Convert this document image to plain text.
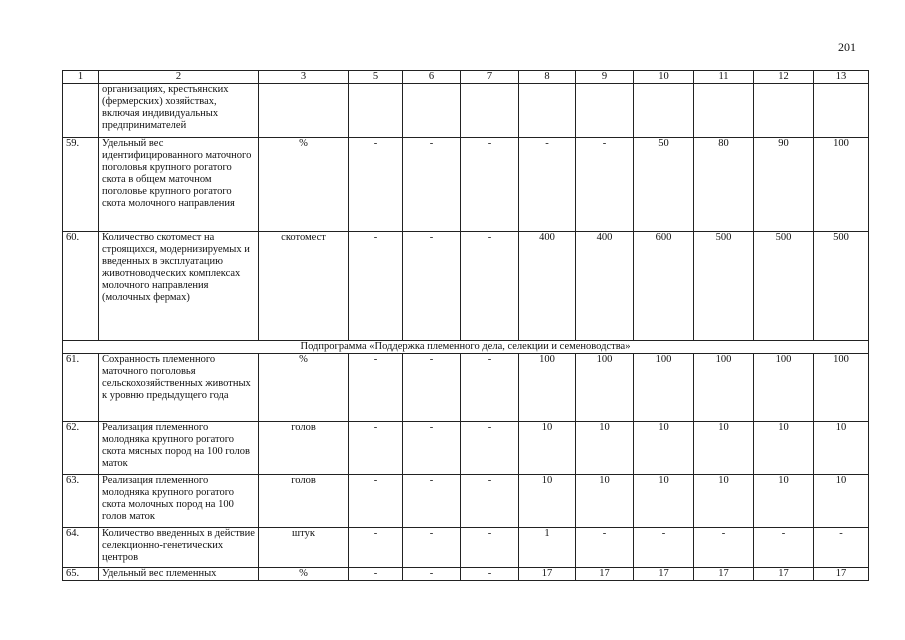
201
1	2	3	5	6	7	8	9	10	11	12	13
	организациях, крестьянских (фермерских) хозяйствах, включая индивидуальных предпринимателей										
59.	Удельный вес идентифицированного маточного поголовья крупного рогатого скота в общем маточном поголовье крупного рогатого скота молочного направления	%	-	-	-	-	-	50	80	90	100
60.	Количество скотомест на строящихся, модернизируемых и введенных в эксплуатацию животноводческих комплексах молочного направления (молочных фермах)	скотомест	-	-	-	400	400	600	500	500	500
Подпрограмма «Поддержка племенного дела, селекции и семеноводства»											
61.	Сохранность племенного маточного поголовья сельскохозяйственных животных к уровню предыдущего года	%	-	-	-	100	100	100	100	100	100
62.	Реализация племенного молодняка крупного рогатого скота мясных пород на 100 голов маток	голов	-	-	-	10	10	10	10	10	10
63.	Реализация племенного молодняка крупного рогатого скота молочных пород на 100 голов маток	голов	-	-	-	10	10	10	10	10	10
64.	Количество введенных в действие селекционно-генетических центров	штук	-	-	-	1	-	-	-	-	-
65.	Удельный вес племенных	%	-	-	-	17	17	17	17	17	17
